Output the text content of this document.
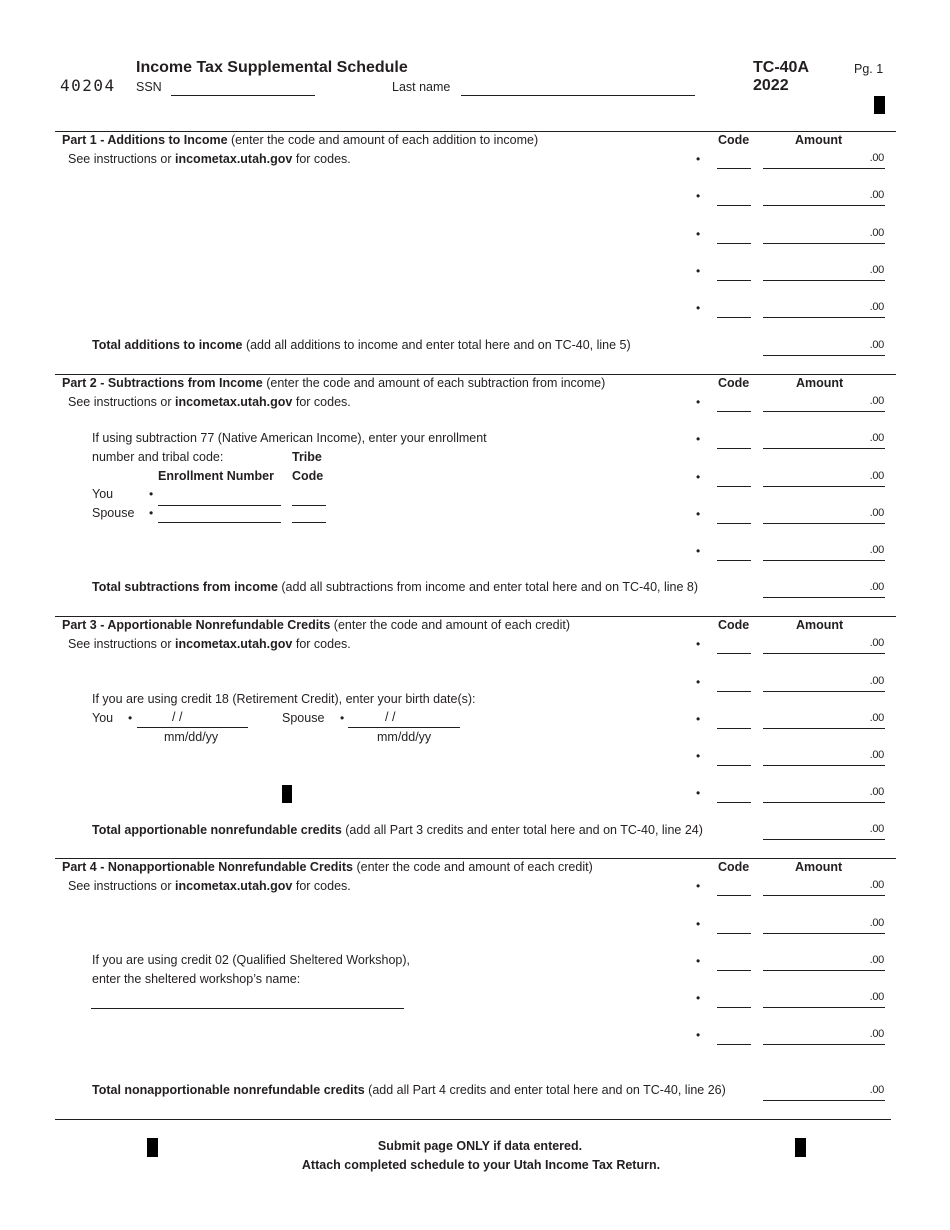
40204
Income Tax Supplemental Schedule
SSN	Last name
TC-40A
2022
Pg. 1
Part 1 - Additions to Income (enter the code and amount of each addition to income)
See instructions or incometax.utah.gov for codes.
Code	Amount
•	.00
•	.00
•	.00
•	.00
•	.00
Total additions to income (add all additions to income and enter total here and on TC-40, line 5)	.00
Part 2 - Subtractions from Income (enter the code and amount of each subtraction from income)
See instructions or incometax.utah.gov for codes.
Code	Amount
•	.00
•	.00
•	.00
•	.00
•	.00
If using subtraction 77 (Native American Income), enter your enrollment
number and tribal code:	Tribe
Enrollment Number Code
You	•
Spouse •
Total subtractions from income (add all subtractions from income and enter total here and on TC-40, line 8)	.00
Part 3 - Apportionable Nonrefundable Credits (enter the code and amount of each credit)
See instructions or incometax.utah.gov for codes.
Code	Amount
•	.00
•	.00
•	.00
•	.00
•	.00
If you are using credit 18 (Retirement Credit), enter your birth date(s):
You •	/ /
mm/dd/yy
Spouse •	/ /
mm/dd/yy
Total apportionable nonrefundable credits (add all Part 3 credits and enter total here and on TC-40, line 24)	.00
Part 4 - Nonapportionable Nonrefundable Credits (enter the code and amount of each credit)
See instructions or incometax.utah.gov for codes.
Code	Amount
•	.00
•	.00
•	.00
•	.00
•	.00
If you are using credit 02 (Qualified Sheltered Workshop),
enter the sheltered workshop’s name:
Total nonapportionable nonrefundable credits (add all Part 4 credits and enter total here and on TC-40, line 26)	.00
Submit page ONLY if data entered.
Attach completed schedule to your Utah Income Tax Return.
